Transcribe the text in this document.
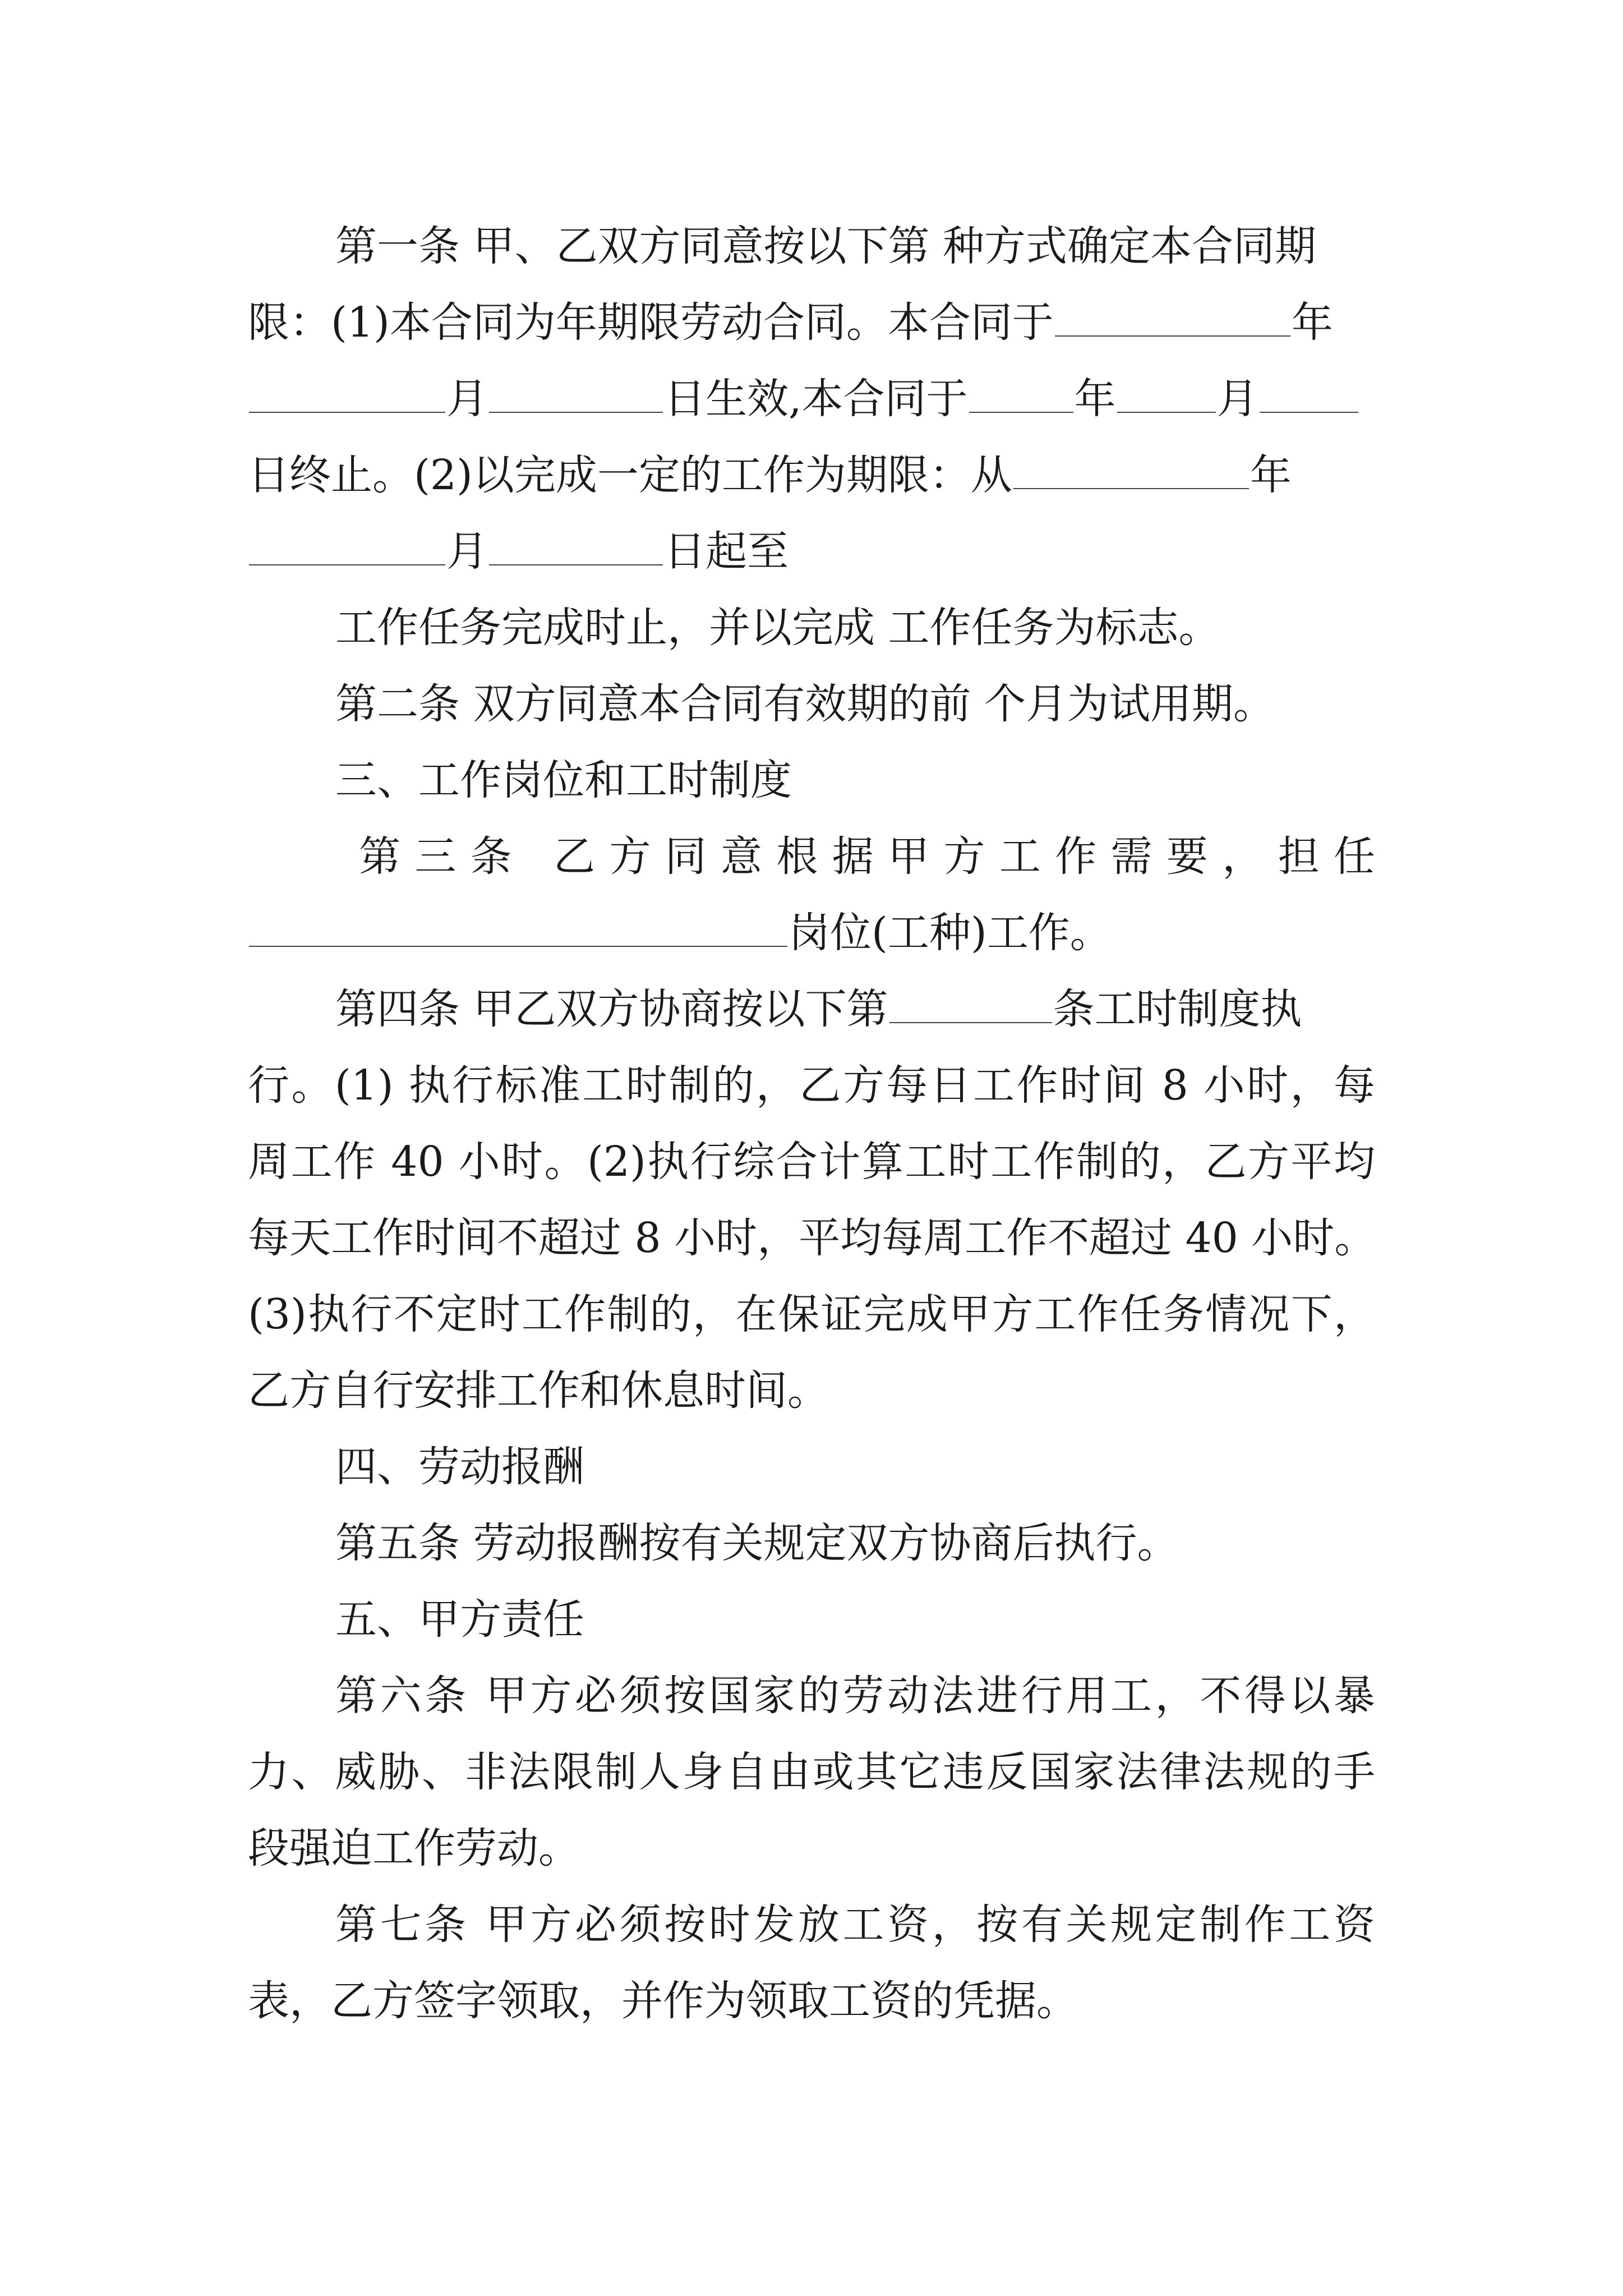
第一条 甲、乙双方同意按以下第 种方式确定本合同期

限：(1)本合同为年期限劳动合同。本合同于	年

月	日生效,本合同于	年 月

日终止。(2)以完成一定的工作为期限：从	年

月	日起至

工作任务完成时止，并以完成 工作任务为标志。

第二条 双方同意本合同有效期的前 个月为试用期。

三、工作岗位和工时制度

第三条 乙方同意根据甲方工作需要，担任

岗位(工种)工作。

第四条 甲乙双方协商按以下第	条工时制度执

行。(1) 执行标准工时制的，乙方每日工作时间 8 小时，每

周工作 40 小时。(2)执行综合计算工时工作制的，乙方平均

每天工作时间不超过 8 小时，平均每周工作不超过 40 小时。

(3)执行不定时工作制的，在保证完成甲方工作任务情况下，

乙方自行安排工作和休息时间。

四、劳动报酬

第五条 劳动报酬按有关规定双方协商后执行。

五、甲方责任

第六条 甲方必须按国家的劳动法进行用工，不得以暴

力、威胁、非法限制人身自由或其它违反国家法律法规的手

段强迫工作劳动。

第七条 甲方必须按时发放工资，按有关规定制作工资

表，乙方签字领取，并作为领取工资的凭据。
